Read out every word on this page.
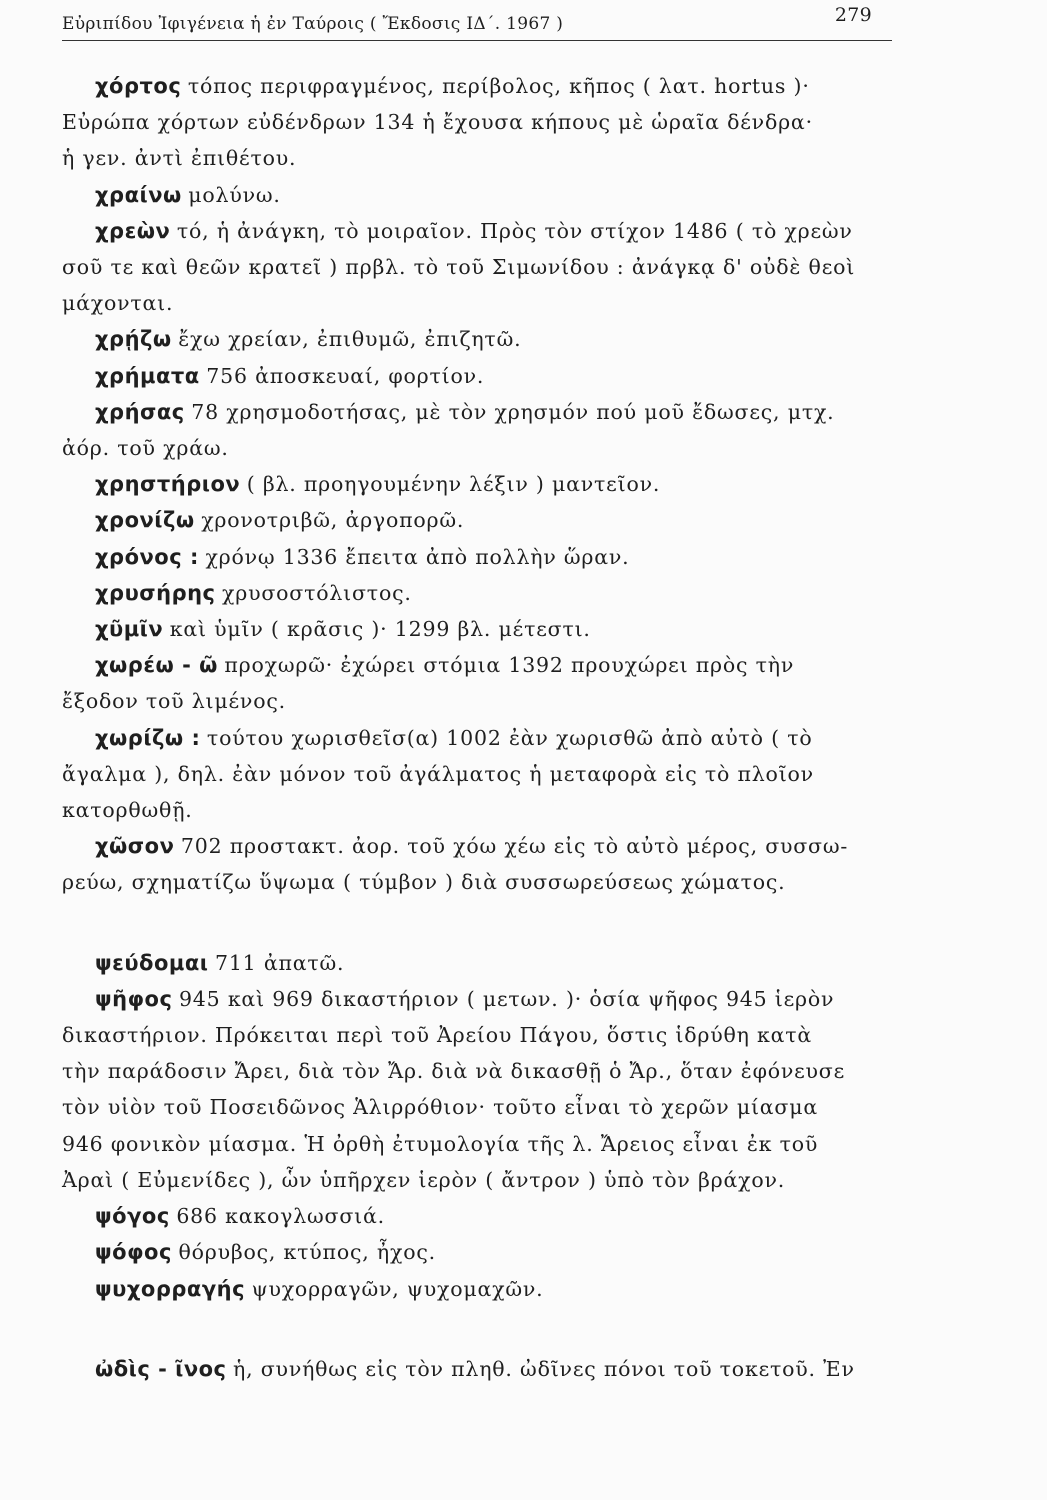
Εὐριπίδου Ἰφιγένεια ἡ ἐν Ταύροις ( Ἔκδοσις ΙΔ΄. 1967 )	279
χόρτος τόπος περιφραγμένος, περίβολος, κῆπος ( λατ. hortus )·
Εὐρώπα χόρτων εὐδένδρων 134 ἡ ἔχουσα κήπους μὲ ὡραῖα δένδρα·
ἡ γεν. ἀντὶ ἐπιθέτου.
χραίνω μολύνω.
χρεὼν τό, ἡ ἀνάγκη, τὸ μοιραῖον. Πρὸς τὸν στίχον 1486 ( τὸ χρεὼν
σοῦ τε καὶ θεῶν κρατεῖ ) πρβλ. τὸ τοῦ Σιμωνίδου : ἀνάγκᾳ δ' οὐδὲ θεοὶ
μάχονται.
χρῄζω ἔχω χρείαν, ἐπιθυμῶ, ἐπιζητῶ.
χρήματα 756 ἀποσκευαί, φορτίον.
χρήσας 78 χρησμοδοτήσας, μὲ τὸν χρησμόν πού μοῦ ἔδωσες, μτχ.
ἀόρ. τοῦ χράω.
χρηστήριον ( βλ. προηγουμένην λέξιν ) μαντεῖον.
χρονίζω χρονοτριβῶ, ἀργοπορῶ.
χρόνος : χρόνῳ 1336 ἔπειτα ἀπὸ πολλὴν ὥραν.
χρυσήρης χρυσοστόλιστος.
χῦμῖν καὶ ὑμῖν ( κρᾶσις )· 1299 βλ. μέτεστι.
χωρέω - ῶ προχωρῶ· ἐχώρει στόμια 1392 προυχώρει πρὸς τὴν
ἔξοδον τοῦ λιμένος.
χωρίζω : τούτου χωρισθεῖσ(α) 1002 ἐὰν χωρισθῶ ἀπὸ αὐτὸ ( τὸ
ἄγαλμα ), δηλ. ἐὰν μόνον τοῦ ἀγάλματος ἡ μεταφορὰ εἰς τὸ πλοῖον
κατορθωθῇ.
χῶσον 702 προστακτ. ἀορ. τοῦ χόω χέω εἰς τὸ αὐτὸ μέρος, συσσω-
ρεύω, σχηματίζω ὕψωμα ( τύμβον ) διὰ συσσωρεύσεως χώματος.
ψεύδομαι 711 ἀπατῶ.
ψῆφος 945 καὶ 969 δικαστήριον ( μετων. )· ὁσία ψῆφος 945 ἱερὸν
δικαστήριον. Πρόκειται περὶ τοῦ Ἀρείου Πάγου, ὅστις ἱδρύθη κατὰ
τὴν παράδοσιν Ἄρει, διὰ τὸν Ἄρ. διὰ νὰ δικασθῇ ὁ Ἄρ., ὅταν ἐφόνευσε
τὸν υἱὸν τοῦ Ποσειδῶνος Ἁλιρρόθιον· τοῦτο εἶναι τὸ χερῶν μίασμα
946 φονικὸν μίασμα. Ἡ ὀρθὴ ἐτυμολογία τῆς λ. Ἄρειος εἶναι ἐκ τοῦ
Ἀραὶ ( Εὐμενίδες ), ὧν ὑπῆρχεν ἱερὸν ( ἄντρον ) ὑπὸ τὸν βράχον.
ψόγος 686 κακογλωσσιά.
ψόφος θόρυβος, κτύπος, ἦχος.
ψυχορραγής ψυχορραγῶν, ψυχομαχῶν.
ὠδὶς - ῖνος ἡ, συνήθως εἰς τὸν πληθ. ὠδῖνες πόνοι τοῦ τοκετοῦ. Ἐν
